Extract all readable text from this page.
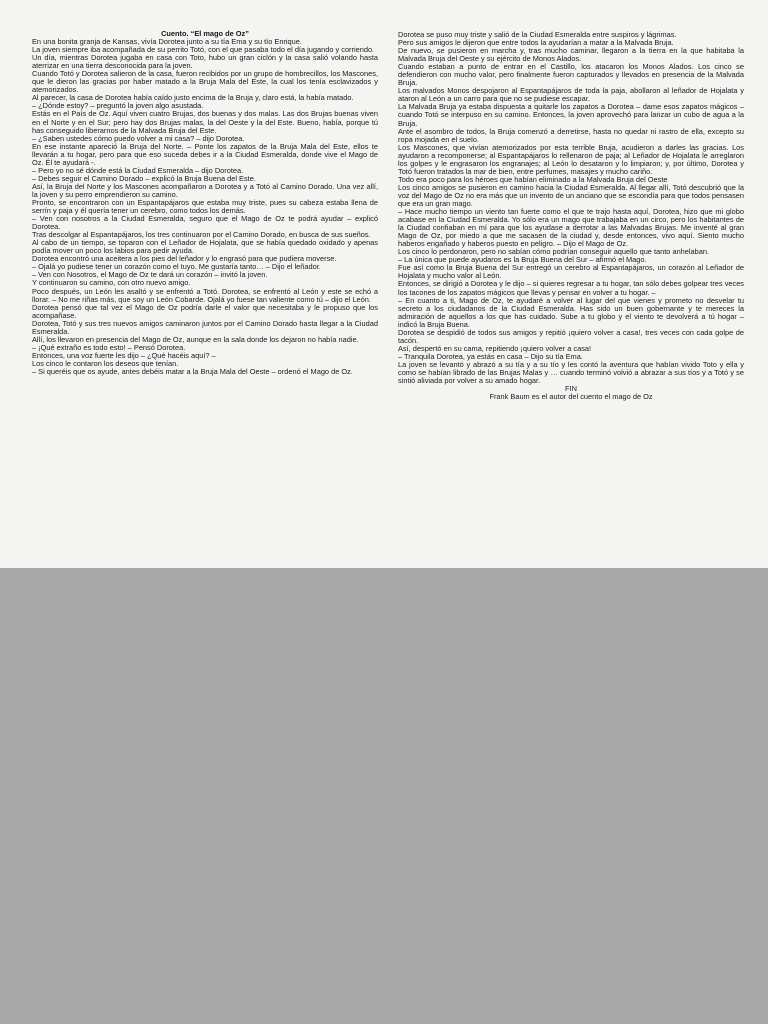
Cuento. “El mago de Oz”

En una bonita granja de Kansas, vivía Dorotea junto a su tía Ema y su tío Enrique.

La joven siempre iba acompañada de su perrito Totó, con el que pasaba todo el día jugando y corriendo.

Un día, mientras Dorotea jugaba en casa con Toto, hubo un gran ciclón y la casa salió volando hasta aterrizar en una tierra desconocida para la joven.

Cuando Totó y Dorotea salieron de la casa, fueron recibidos por un grupo de hombrecillos, los Mascones, que le dieron las gracias por haber matado a la Bruja Mala del Este, la cual los tenía esclavizados y atemorizados.

Al parecer, la casa de Dorotea había caído justo encima de la Bruja y, claro está, la había matado.

– ¿Dónde estoy? – preguntó la joven algo asustada.

Estás en el País de Oz. Aquí viven cuatro Brujas, dos buenas y dos malas. Las dos Brujas buenas viven en el Norte y en el Sur; pero hay dos Brujas malas, la del Oeste y la del Este. Bueno, había, porque tú has conseguido liberarnos de la Malvada Bruja del Este.

– ¿Saben ustedes cómo puedo volver a mi casa? – dijo Dorotea.

En ese instante apareció la Bruja del Norte. – Ponte los zapatos de la Bruja Mala del Este, ellos te llevarán a tu hogar, pero para que eso suceda debes ir a la Ciudad Esmeralda, donde vive el Mago de Oz. Él te ayudará -.

– Pero yo no sé dónde está la Ciudad Esmeralda – dijo Dorotea.

– Debes seguir el Camino Dorado – explicó la Bruja Buena del Este.

Así, la Bruja del Norte y los Mascones acompañaron a Dorotea y a Totó al Camino Dorado. Una vez allí, la joven y su perro emprendieron su camino.

Pronto, se encontraron con un Espantapájaros que estaba muy triste, pues su cabeza estaba llena de serrín y paja y él quería tener un cerebro, como todos los demás.

– Ven con nosotros a la Ciudad Esmeralda, seguro que el Mago de Oz te podrá ayudar – explicó Dorotea.

Tras descolgar al Espantapájaros, los tres continuaron por el Camino Dorado, en busca de sus sueños.

Al cabo de un tiempo, se toparon con el Leñador de Hojalata, que se había quedado oxidado y apenas podía mover un poco los labios para pedir ayuda.

Dorotea encontró una aceitera a los pies del leñador y lo engrasó para que pudiera moverse.

– Ojalá yo pudiese tener un corazón como el tuyo. Me gustaría tanto… – Dijo el leñador.

– Ven con Nosotros, el Mago de Oz te dará un corazón – invitó la joven.

Y continuaron su camino, con otro nuevo amigo.

Poco después, un León les asaltó y se enfrentó a Totó. Dorotea, se enfrentó al León y este se echó a llorar. – No me riñas más, que soy un León Cobarde. Ojalá yo fuese tan valiente como tú – dijo el León.

Dorotea pensó que tal vez el Mago de Oz podría darle el valor que necesitaba y le propuso que los acompañase.

Dorotea, Totó y sus tres nuevos amigos caminaron juntos por el Camino Dorado hasta llegar a la Ciudad Esmeralda.

Allí, los llevaron en presencia del Mago de Oz, aunque en la sala donde los dejaron no había nadie.

– ¡Qué extraño es todo esto! – Pensó Dorotea.

Entonces, una voz fuerte les dijo – ¿Qué hacéis aquí? –

Los cinco le contaron los deseos que tenían.

– Si queréis que os ayude, antes debéis matar a la Bruja Mala del Oeste – ordenó el Mago de Oz.

Dorotea se puso muy triste y salió de la Ciudad Esmeralda entre suspiros y lágrimas.

Pero sus amigos le dijeron que entre todos la ayudarían a matar a la Malvada Bruja.

De nuevo, se pusieron en marcha y, tras mucho caminar, llegaron a la tierra en la que habitaba la Malvada Bruja del Oeste y su ejército de Monos Alados.

Cuando estaban a punto de entrar en el Castillo, los atacaron los Monos Alados. Los cinco se defendieron con mucho valor, pero finalmente fueron capturados y llevados en presencia de la Malvada Bruja.

Los malvados Monos despojaron al Espantapájaros de toda la paja, abollaron al leñador de Hojalata y ataron al León a un carro para que no se pudiese escapar.

La Malvada Bruja ya estaba dispuesta a quitarle los zapatos a Dorotea – dame esos zapatos mágicos – cuando Totó se interpuso en su camino. Entonces, la joven aprovechó para lanzar un cubo de agua a la Bruja.

Ante el asombro de todos, la Bruja comenzó a derretirse, hasta no quedar ni rastro de ella, excepto su ropa mojada en el suelo.

Los Mascones, que vivían atemorizados por esta terrible Bruja, acudieron a darles las gracias. Los ayudaron a recomponerse; al Espantapájaros lo rellenaron de paja; al Leñador de Hojalata le arreglaron los golpes y le engrasaron los engranajes; al León lo desataron y lo limpiaron; y, por último, Dorotea y Totó fueron tratados la mar de bien, entre perfumes, masajes y mucho cariño.

Todo era poco para los héroes que habían eliminado a la Malvada Bruja del Oeste

Los cinco amigos se pusieron en camino hacia la Ciudad Esmeralda. Al llegar allí, Totó descubrió que la voz del Mago de Oz no era más que un invento de un anciano que se escondía para que todos pensasen que era un gran mago.

– Hace mucho tiempo un viento tan fuerte como el que te trajo hasta aquí, Dorotea, hizo que mi globo acabase en la Ciudad Esmeralda. Yo sólo era un mago que trabajaba en un circo, pero los habitantes de la Ciudad confiaban en mí para que los ayudase a derrotar a las Malvadas Brujas. Me inventé al gran Mago de Oz, por miedo a que me sacasen de la ciudad y, desde entonces, vivo aquí. Siento mucho haberos engañado y haberos puesto en peligro. – Dijo el Mago de Oz.

Los cinco lo perdonaron, pero no sabían cómo podrían conseguir aquello que tanto anhelaban.

– La única que puede ayudaros es la Bruja Buena del Sur – afirmó el Mago.

Fue así como la Bruja Buena del Sur entregó un cerebro al Espantapájaros, un corazón al Leñador de Hojalata y mucho valor al León.

Entonces, se dirigió a Dorotea y le dijo – si quieres regresar a tu hogar, tan sólo debes golpear tres veces los tacones de los zapatos mágicos que llevas y pensar en volver a tu hogar. –

– En cuanto a ti, Mago de Oz, te ayudaré a volver al lugar del que vienes y prometo no desvelar tu secreto a los ciudadanos de la Ciudad Esmeralda. Has sido un buen gobernante y te mereces la admiración de aquellos a los que has cuidado. Sube a tu globo y el viento te devolverá a tú hogar – indicó la Bruja Buena.

Dorotea se despidió de todos sus amigos y repitió ¡quiero volver a casa!, tres veces con cada golpe de tacón.

Así, despertó en su cama, repitiendo ¡quiero volver a casa!

– Tranquila Dorotea, ya estás en casa – Dijo su tía Ema.

La joven se levantó y abrazó a su tía y a su tío y les contó la aventura que habían vivido Toto y ella y como se habían librado de las Brujas Malas y … cuando terminó volvió a abrazar a sus tíos y a Totó y se sintió aliviada por volver a su amado hogar.

FIN

Frank Baum es el autor del cuento el mago de Oz
